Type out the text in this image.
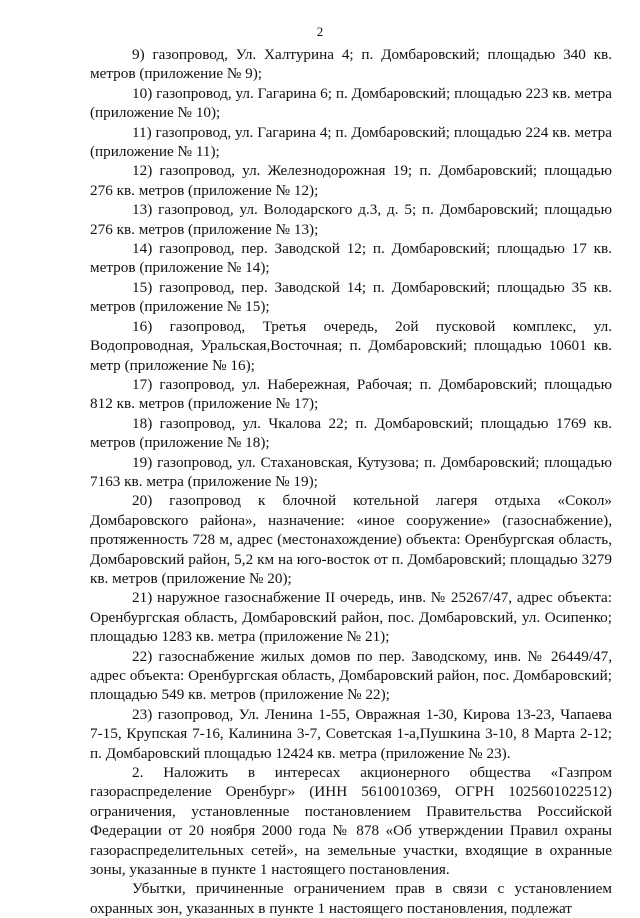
2

9) газопровод, Ул. Халтурина 4; п. Домбаровский; площадью 340 кв. метров (приложение № 9);

10) газопровод, ул. Гагарина 6; п. Домбаровский; площадью 223 кв. метра (приложение № 10);

11) газопровод, ул. Гагарина 4; п. Домбаровский; площадью 224 кв. метра (приложение № 11);

12) газопровод, ул. Железнодорожная 19; п. Домбаровский; площадью 276 кв. метров (приложение № 12);

13) газопровод, ул. Володарского д.3, д. 5; п. Домбаровский; площадью 276 кв. метров (приложение № 13);

14) газопровод, пер. Заводской 12; п. Домбаровский; площадью 17 кв. метров (приложение № 14);

15) газопровод, пер. Заводской 14; п. Домбаровский; площадью 35 кв. метров (приложение № 15);

16) газопровод, Третья очередь, 2ой пусковой комплекс, ул. Водопроводная, Уральская,Восточная; п. Домбаровский; площадью 10601 кв. метр (приложение № 16);

17) газопровод, ул. Набережная, Рабочая; п. Домбаровский; площадью 812 кв. метров (приложение № 17);

18) газопровод, ул. Чкалова 22; п. Домбаровский; площадью 1769 кв. метров (приложение № 18);

19) газопровод, ул. Стахановская, Кутузова; п. Домбаровский; площадью 7163 кв. метра (приложение № 19);

20) газопровод к блочной котельной лагеря отдыха «Сокол» Домбаровского района», назначение: «иное сооружение» (газоснабжение), протяженность 728 м, адрес (местонахождение) объекта: Оренбургская область, Домбаровский район, 5,2 км на юго-восток от п. Домбаровский; площадью 3279 кв. метров (приложение № 20);

21) наружное газоснабжение II очередь, инв. № 25267/47, адрес объекта: Оренбургская область, Домбаровский район, пос. Домбаровский, ул. Осипенко; площадью 1283 кв. метра (приложение № 21);

22) газоснабжение жилых домов по пер. Заводскому, инв. № 26449/47, адрес объекта: Оренбургская область, Домбаровский район, пос. Домбаровский; площадью 549 кв. метров (приложение № 22);

23) газопровод, Ул. Ленина 1-55, Овражная 1-30, Кирова 13-23, Чапаева 7-15, Крупская 7-16, Калинина 3-7, Советская 1-а,Пушкина 3-10, 8 Марта 2-12; п. Домбаровский площадью 12424 кв. метра (приложение № 23).

2. Наложить в интересах акционерного общества «Газпром газораспределение Оренбург» (ИНН 5610010369, ОГРН 1025601022512) ограничения, установленные постановлением Правительства Российской Федерации от 20 ноября 2000 года № 878 «Об утверждении Правил охраны газораспределительных сетей», на земельные участки, входящие в охранные зоны, указанные в пункте 1 настоящего постановления.

Убытки, причиненные ограничением прав в связи с установлением охранных зон, указанных в пункте 1 настоящего постановления, подлежат
